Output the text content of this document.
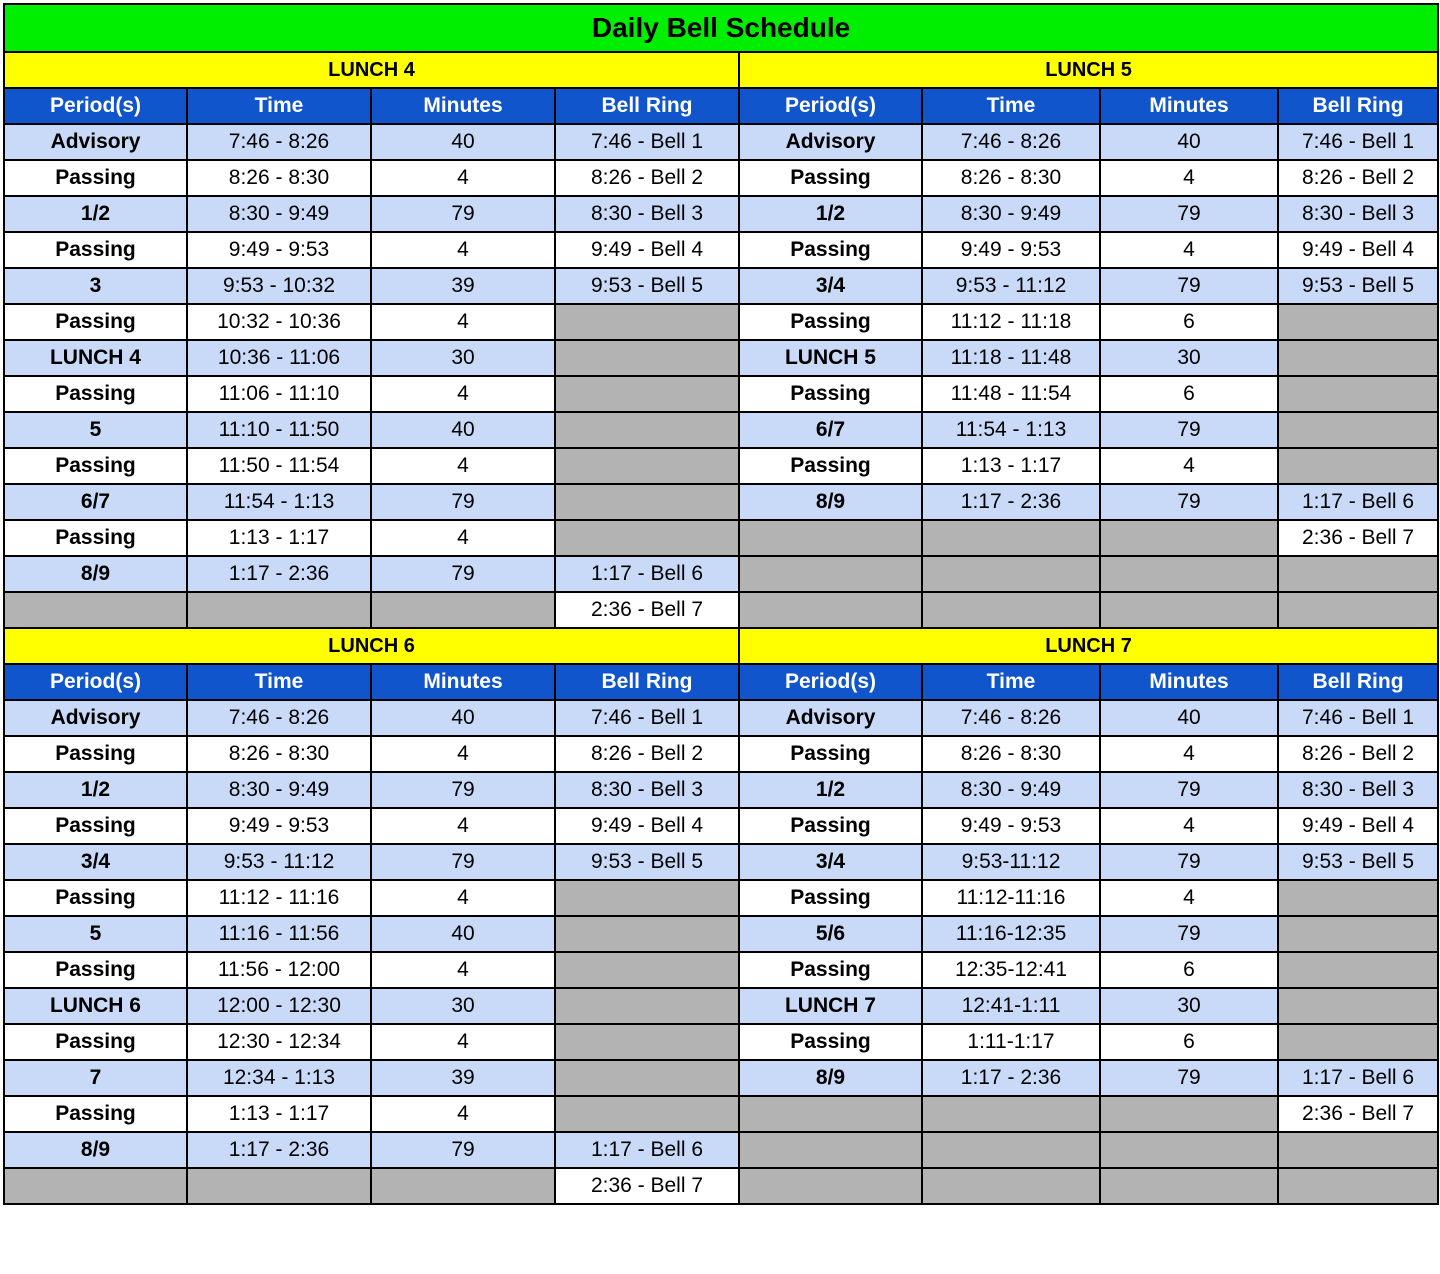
Daily Bell Schedule							
LUNCH 4				LUNCH 5			
Period(s)	Time	Minutes	Bell Ring	Period(s)	Time	Minutes	Bell Ring
Advisory	7:46 - 8:26	40	7:46 - Bell 1	Advisory	7:46 - 8:26	40	7:46 - Bell 1
Passing	8:26 - 8:30	4	8:26 - Bell 2	Passing	8:26 - 8:30	4	8:26 - Bell 2
1/2	8:30 - 9:49	79	8:30 - Bell 3	1/2	8:30 - 9:49	79	8:30 - Bell 3
Passing	9:49 - 9:53	4	9:49 - Bell 4	Passing	9:49 - 9:53	4	9:49 - Bell 4
3	9:53 - 10:32	39	9:53 - Bell 5	3/4	9:53 - 11:12	79	9:53 - Bell 5
Passing	10:32 - 10:36	4		Passing	11:12 - 11:18	6	
LUNCH 4	10:36 - 11:06	30		LUNCH 5	11:18 - 11:48	30	
Passing	11:06 - 11:10	4		Passing	11:48 - 11:54	6	
5	11:10 - 11:50	40		6/7	11:54 - 1:13	79	
Passing	11:50 - 11:54	4		Passing	1:13 - 1:17	4	
6/7	11:54 - 1:13	79		8/9	1:17 - 2:36	79	1:17 - Bell 6
Passing	1:13 - 1:17	4					2:36 - Bell 7
8/9	1:17 - 2:36	79	1:17 - Bell 6				
			2:36 - Bell 7				
LUNCH 6				LUNCH 7			
Period(s)	Time	Minutes	Bell Ring	Period(s)	Time	Minutes	Bell Ring
Advisory	7:46 - 8:26	40	7:46 - Bell 1	Advisory	7:46 - 8:26	40	7:46 - Bell 1
Passing	8:26 - 8:30	4	8:26 - Bell 2	Passing	8:26 - 8:30	4	8:26 - Bell 2
1/2	8:30 - 9:49	79	8:30 - Bell 3	1/2	8:30 - 9:49	79	8:30 - Bell 3
Passing	9:49 - 9:53	4	9:49 - Bell 4	Passing	9:49 - 9:53	4	9:49 - Bell 4
3/4	9:53 - 11:12	79	9:53 - Bell 5	3/4	9:53-11:12	79	9:53 - Bell 5
Passing	11:12 - 11:16	4		Passing	11:12-11:16	4	
5	11:16 - 11:56	40		5/6	11:16-12:35	79	
Passing	11:56 - 12:00	4		Passing	12:35-12:41	6	
LUNCH 6	12:00 - 12:30	30		LUNCH 7	12:41-1:11	30	
Passing	12:30 - 12:34	4		Passing	1:11-1:17	6	
7	12:34 - 1:13	39		8/9	1:17 - 2:36	79	1:17 - Bell 6
Passing	1:13 - 1:17	4					2:36 - Bell 7
8/9	1:17 - 2:36	79	1:17 - Bell 6				
			2:36 - Bell 7				
